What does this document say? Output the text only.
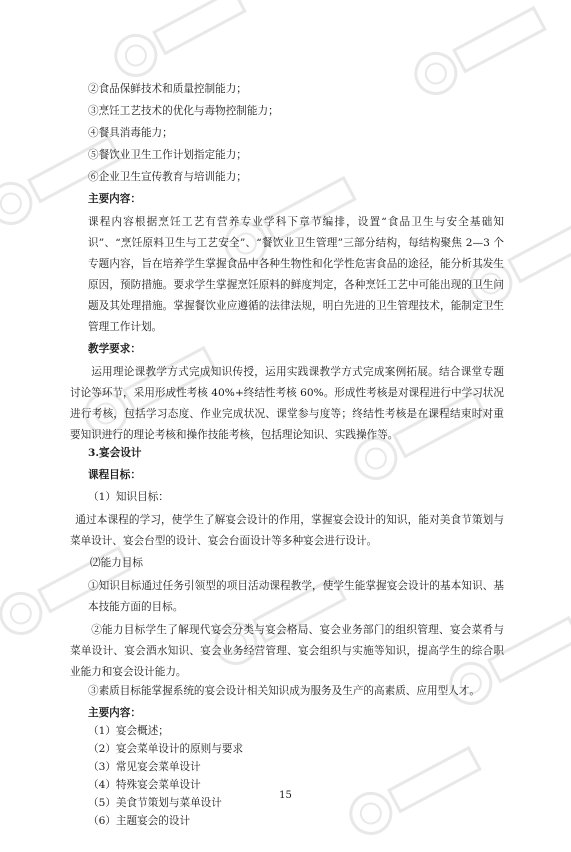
②食品保鲜技术和质量控制能力；
③烹饪工艺技术的优化与毒物控制能力；
④餐具消毒能力；
⑤餐饮业卫生工作计划指定能力；
⑥企业卫生宣传教育与培训能力；
主要内容：
课程内容根据烹饪工艺有营养专业学科下章节编排，设置“食品卫生与安全基础知识”、“烹饪原料卫生与工艺安全”、“餐饮业卫生管理”三部分结构，每结构聚焦 2—3 个专题内容，旨在培养学生掌握食品中各种生物性和化学性危害食品的途径，能分析其发生原因，预防措施。要求学生掌握烹饪原料的鲜度判定，各种烹饪工艺中可能出现的卫生问题及其处理措施。掌握餐饮业应遵循的法律法规，明白先进的卫生管理技术，能制定卫生管理工作计划。
教学要求：
运用理论课教学方式完成知识传授，运用实践课教学方式完成案例拓展。结合课堂专题讨论等环节，采用形成性考核 40%+终结性考核 60%。形成性考核是对课程进行中学习状况进行考核，包括学习态度、作业完成状况、课堂参与度等；终结性考核是在课程结束时对重要知识进行的理论考核和操作技能考核，包括理论知识、实践操作等。
3.宴会设计
课程目标：
（1）知识目标：
通过本课程的学习，使学生了解宴会设计的作用，掌握宴会设计的知识，能对美食节策划与菜单设计、宴会台型的设计、宴会台面设计等多种宴会进行设计。
⑵能力目标
①知识目标通过任务引领型的项目活动课程教学，使学生能掌握宴会设计的基本知识、基本技能方面的目标。
②能力目标学生了解现代宴会分类与宴会格局、宴会业务部门的组织管理、宴会菜肴与菜单设计、宴会酒水知识、宴会业务经营管理、宴会组织与实施等知识，提高学生的综合职业能力和宴会设计能力。
③素质目标能掌握系统的宴会设计相关知识成为服务及生产的高素质、应用型人才。
主要内容：
（1）宴会概述；
（2）宴会菜单设计的原则与要求
（3）常见宴会菜单设计
（4）特殊宴会菜单设计
（5）美食节策划与菜单设计
（6）主题宴会的设计
15
